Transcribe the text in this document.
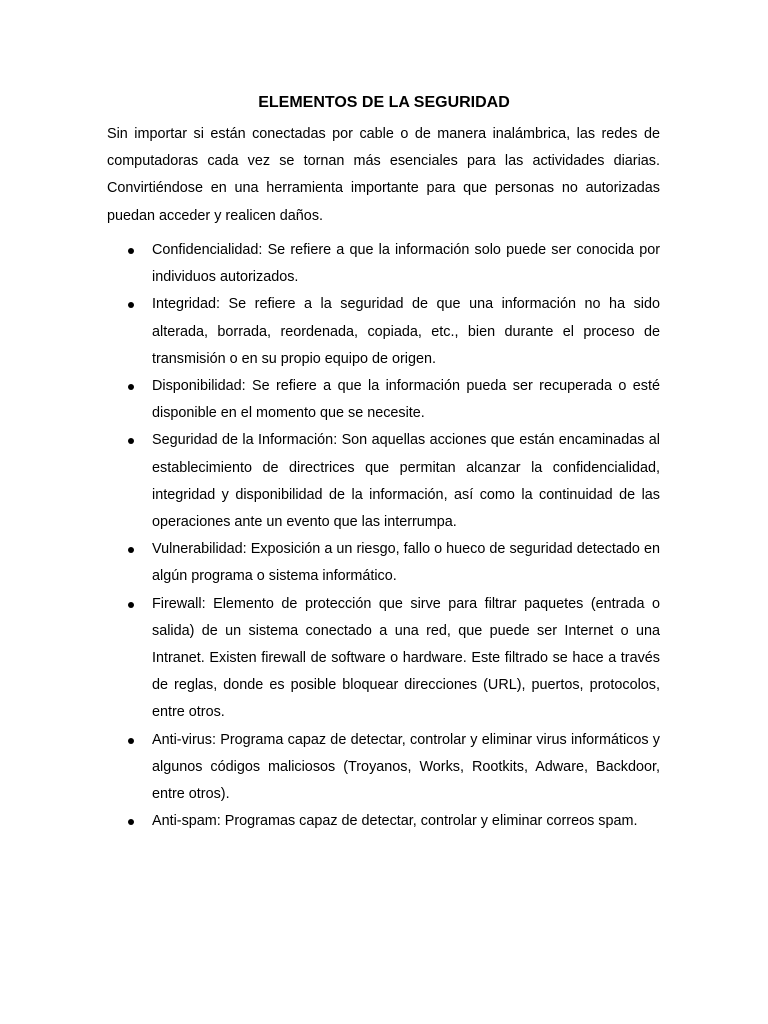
ELEMENTOS DE LA SEGURIDAD

Sin importar si están conectadas por cable o de manera inalámbrica, las redes de computadoras cada vez se tornan más esenciales para las actividades diarias. Convirtiéndose en una herramienta importante para que personas no autorizadas puedan acceder y realicen daños.

Confidencialidad: Se refiere a que la información solo puede ser conocida por individuos autorizados.
Integridad: Se refiere a la seguridad de que una información no ha sido alterada, borrada, reordenada, copiada, etc., bien durante el proceso de transmisión o en su propio equipo de origen.
Disponibilidad: Se refiere a que la información pueda ser recuperada o esté disponible en el momento que se necesite.
Seguridad de la Información: Son aquellas acciones que están encaminadas al establecimiento de directrices que permitan alcanzar la confidencialidad, integridad y disponibilidad de la información, así como la continuidad de las operaciones ante un evento que las interrumpa.
Vulnerabilidad: Exposición a un riesgo, fallo o hueco de seguridad detectado en algún programa o sistema informático.
Firewall: Elemento de protección que sirve para filtrar paquetes (entrada o salida) de un sistema conectado a una red, que puede ser Internet o una Intranet. Existen firewall de software o hardware. Este filtrado se hace a través de reglas, donde es posible bloquear direcciones (URL), puertos, protocolos, entre otros.
Anti-virus: Programa capaz de detectar, controlar y eliminar virus informáticos y algunos códigos maliciosos (Troyanos, Works, Rootkits, Adware, Backdoor, entre otros).
Anti-spam: Programas capaz de detectar, controlar y eliminar correos spam.
